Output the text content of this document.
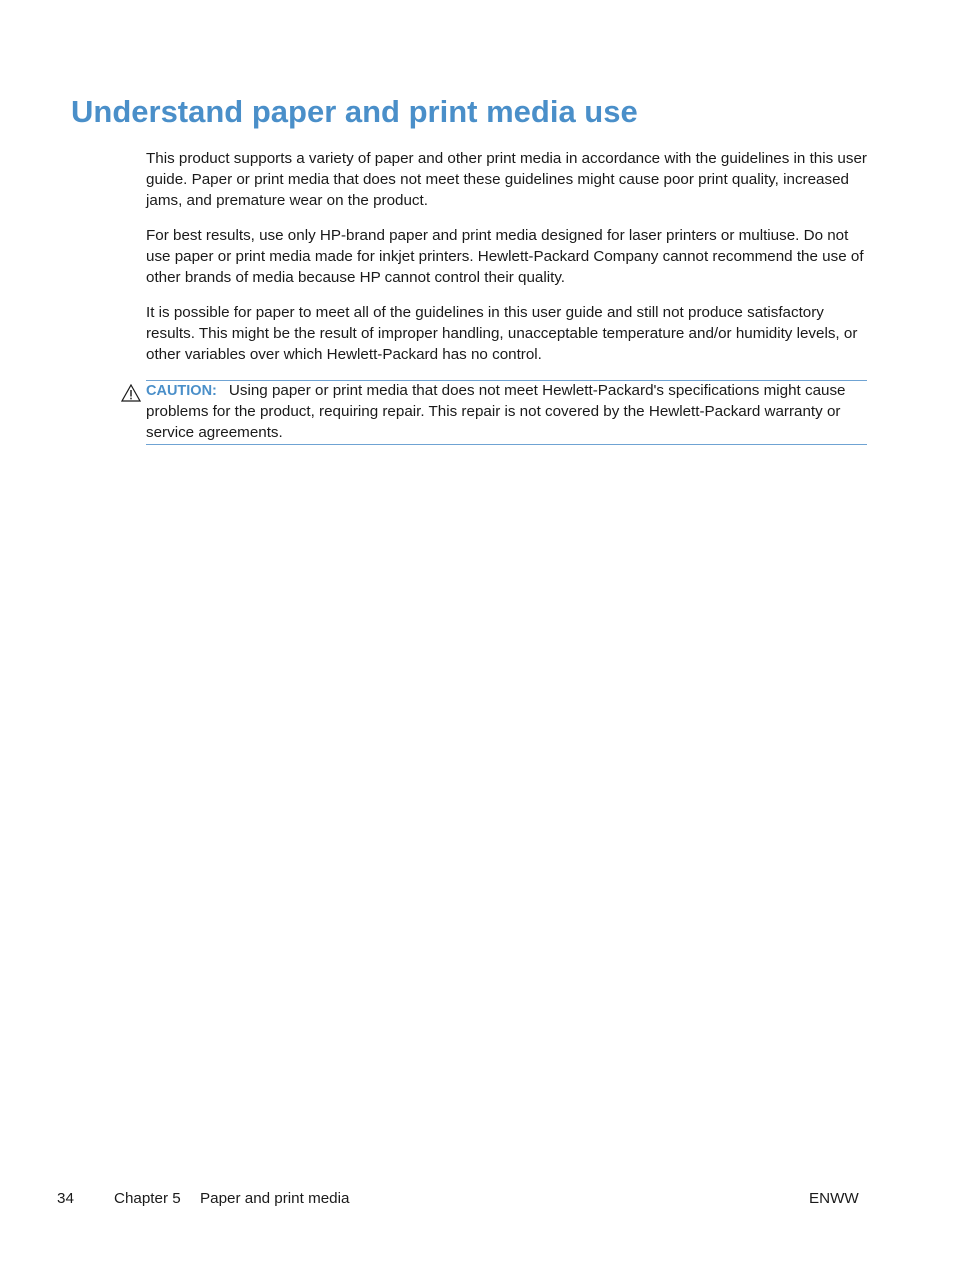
Understand paper and print media use

This product supports a variety of paper and other print media in accordance with the guidelines in this user guide. Paper or print media that does not meet these guidelines might cause poor print quality, increased jams, and premature wear on the product.

For best results, use only HP-brand paper and print media designed for laser printers or multiuse. Do not use paper or print media made for inkjet printers. Hewlett-Packard Company cannot recommend the use of other brands of media because HP cannot control their quality.

It is possible for paper to meet all of the guidelines in this user guide and still not produce satisfactory results. This might be the result of improper handling, unacceptable temperature and/or humidity levels, or other variables over which Hewlett-Packard has no control.

CAUTION: Using paper or print media that does not meet Hewlett-Packard's specifications might cause problems for the product, requiring repair. This repair is not covered by the Hewlett-Packard warranty or service agreements.

34	Chapter 5 Paper and print media	ENWW
